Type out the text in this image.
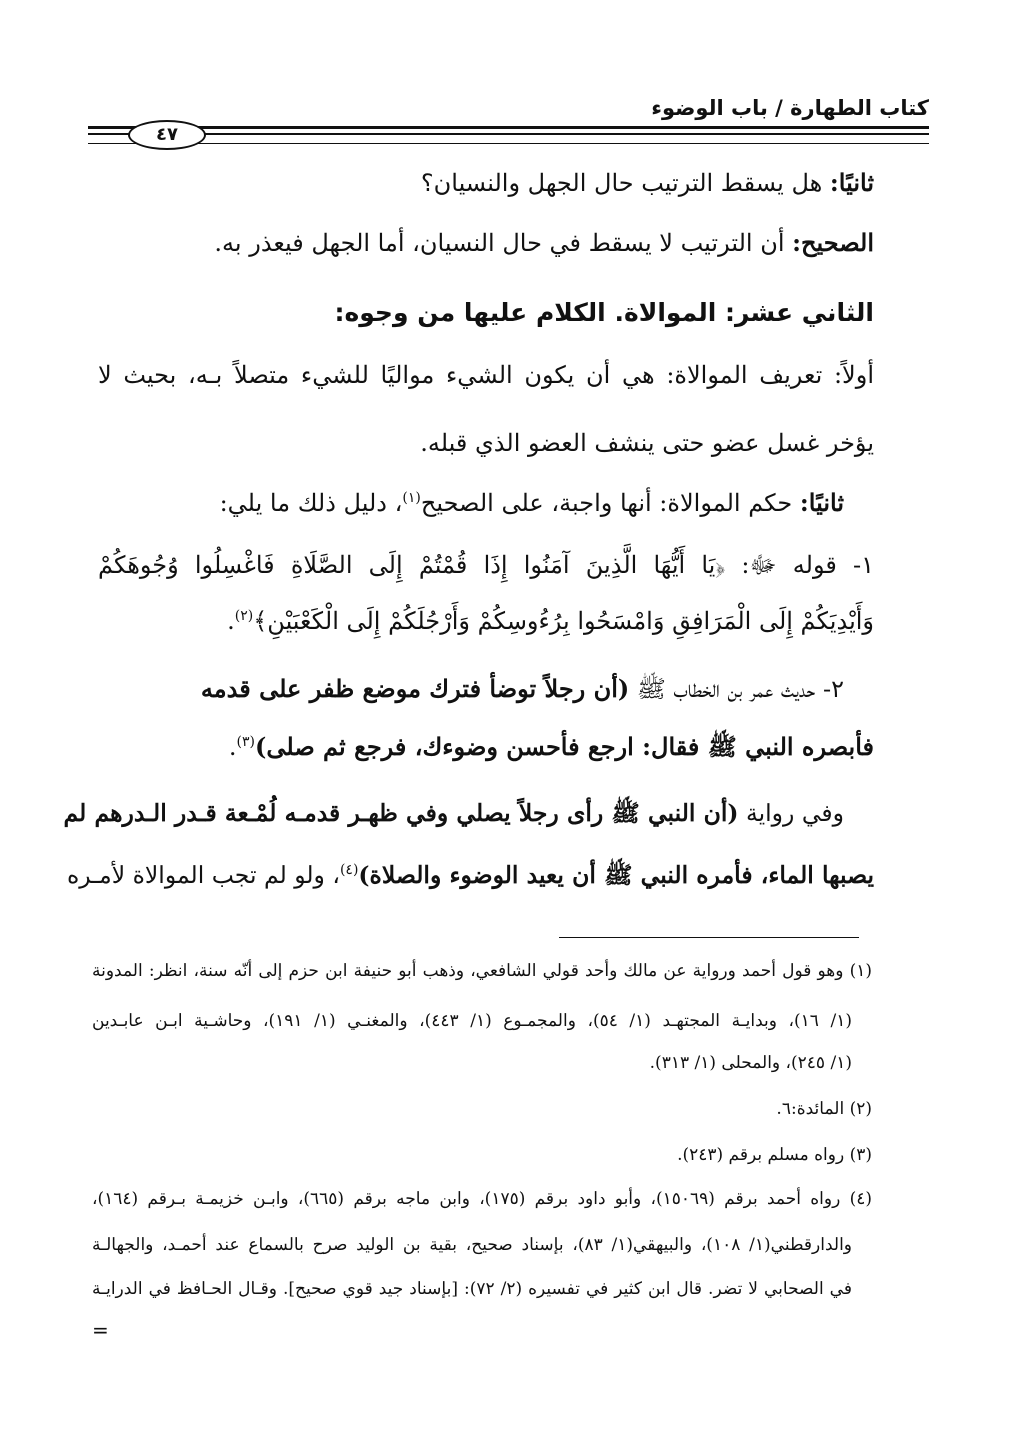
كتاب الطهارة / باب الوضوء
٤٧
ثانيًا: هل يسقط الترتيب حال الجهل والنسيان؟
الصحيح: أن الترتيب لا يسقط في حال النسيان، أما الجهل فيعذر به.
الثاني عشر: الموالاة. الكلام عليها من وجوه:
أولاً: تعريف الموالاة: هي أن يكون الشيء مواليًا للشيء متصلاً بـه، بحيث لا
يؤخر غسل عضو حتى ينشف العضو الذي قبله.
ثانيًا: حكم الموالاة: أنها واجبة، على الصحيح$^{(١)}$، دليل ذلك ما يلي:
١- قوله ﷻ: ﴿يَا أَيُّهَا الَّذِينَ آمَنُوا إِذَا قُمْتُمْ إِلَى الصَّلَاةِ فَاغْسِلُوا وُجُوهَكُمْ
وَأَيْدِيَكُمْ إِلَى الْمَرَافِقِ وَامْسَحُوا بِرُءُوسِكُمْ وَأَرْجُلَكُمْ إِلَى الْكَعْبَيْنِ﴾$^{(٢)}$.
٢- حديث عمر بن الخطاب ﷺ (أن رجلاً توضأ فترك موضع ظفر على قدمه
فأبصره النبي ﷺ فقال: ارجع فأحسن وضوءك، فرجع ثم صلى)$^{(٣)}$.
وفي رواية (أن النبي ﷺ رأى رجلاً يصلي وفي ظهـر قدمـه لُمْـعة قـدر الـدرهم لم
يصبها الماء، فأمره النبي ﷺ أن يعيد الوضوء والصلاة)$^{(٤)}$، ولو لم تجب الموالاة لأمـره
(١) وهو قول أحمد ورواية عن مالك وأحد قولي الشافعي، وذهب أبو حنيفة ابن حزم إلى أنّه سنة، انظر: المدونة
(١/ ١٦)، وبدايـة المجتهـد (١/ ٥٤)، والمجمـوع (١/ ٤٤٣)، والمغنـي (١/ ١٩١)، وحاشـية ابـن عابـدين
(١/ ٢٤٥)، والمحلى (١/ ٣١٣).
(٢) المائدة:٦.
(٣) رواه مسلم برقم (٢٤٣).
(٤) رواه أحمد برقم (١٥٠٦٩)، وأبو داود برقم (١٧٥)، وابن ماجه برقم (٦٦٥)، وابـن خزيمـة بـرقم (١٦٤)،
والدارقطني(١/ ١٠٨)، والبيهقي(١/ ٨٣)، بإسناد صحيح، بقية بن الوليد صرح بالسماع عند أحمـد، والجهالـة
في الصحابي لا تضر. قال ابن كثير في تفسيره (٢/ ٧٢): [بإسناد جيد قوي صحيح]. وقـال الحـافظ في الدرايـة
=
